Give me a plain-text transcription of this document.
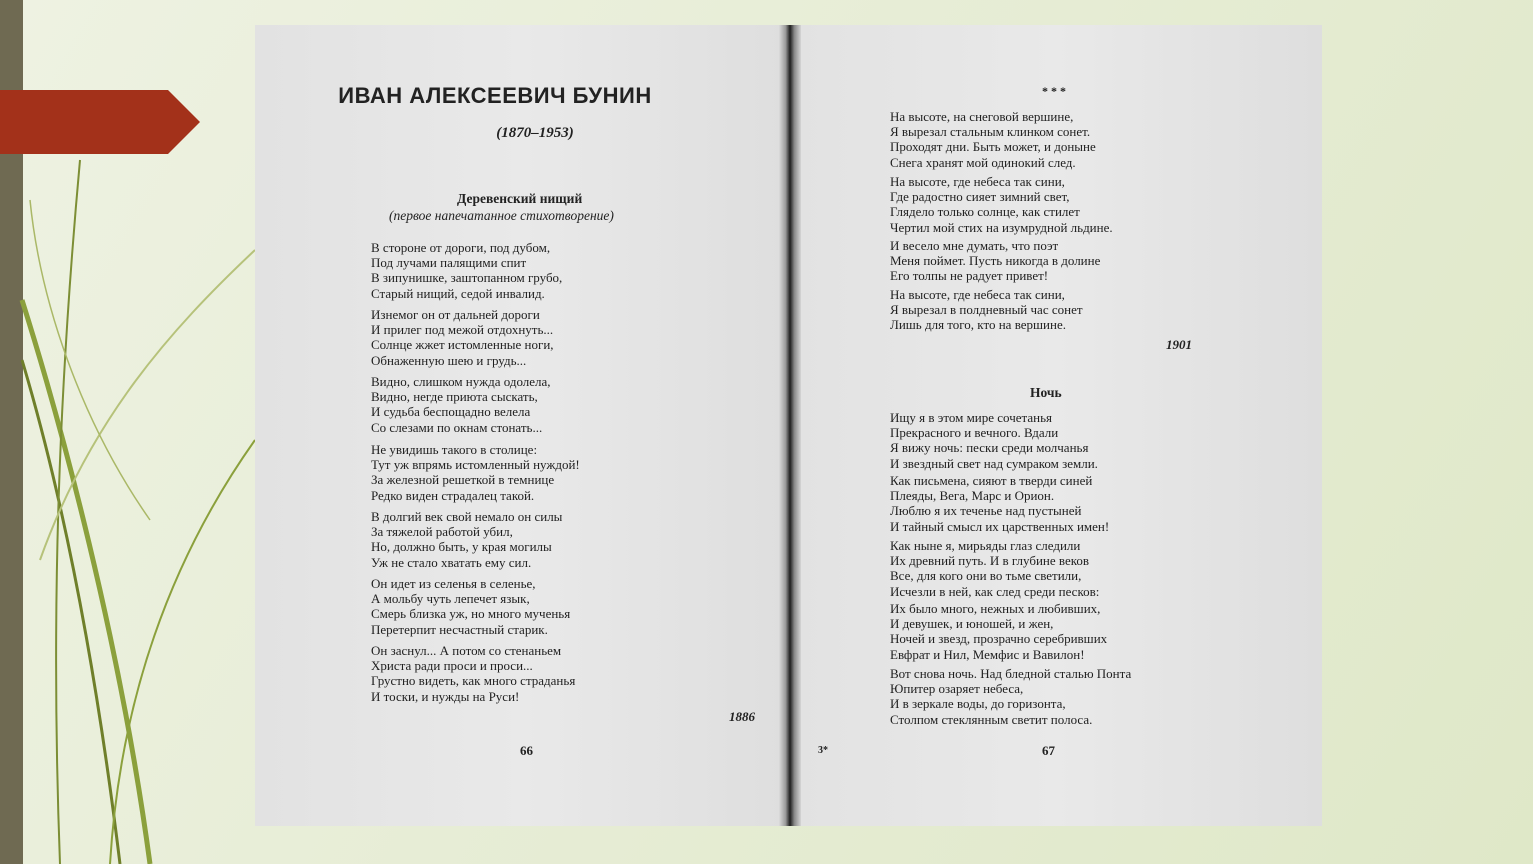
ИВАН АЛЕКСЕЕВИЧ БУНИН
(1870–1953)
Деревенский нищий
(первое напечатанное стихотворение)
В стороне от дороги, под дубом,
Под лучами палящими спит
В зипунишке, заштопанном грубо,
Старый нищий, седой инвалид.
Изнемог он от дальней дороги
И прилег под межой отдохнуть...
Солнце жжет истомленные ноги,
Обнаженную шею и грудь...
Видно, слишком нужда одолела,
Видно, негде приюта сыскать,
И судьба беспощадно велела
Со слезами по окнам стонать...
Не увидишь такого в столице:
Тут уж впрямь истомленный нуждой!
За железной решеткой в темнице
Редко виден страдалец такой.
В долгий век свой немало он силы
За тяжелой работой убил,
Но, должно быть, у края могилы
Уж не стало хватать ему сил.
Он идет из селенья в селенье,
А мольбу чуть лепечет язык,
Смерь близка уж, но много мученья
Перетерпит несчастный старик.
Он заснул... А потом со стенаньем
Христа ради проси и проси...
Грустно видеть, как много страданья
И тоски, и нужды на Руси!
1886
66
***
На высоте, на снеговой вершине,
Я вырезал стальным клинком сонет.
Проходят дни. Быть может, и доныне
Снега хранят мой одинокий след.
На высоте, где небеса так сини,
Где радостно сияет зимний свет,
Глядело только солнце, как стилет
Чертил мой стих на изумрудной льдине.
И весело мне думать, что поэт
Меня поймет. Пусть никогда в долине
Его толпы не радует привет!
На высоте, где небеса так сини,
Я вырезал в полдневный час сонет
Лишь для того, кто на вершине.
1901
Ночь
Ищу я в этом мире сочетанья
Прекрасного и вечного. Вдали
Я вижу ночь: пески среди молчанья
И звездный свет над сумраком земли.
Как письмена, сияют в тверди синей
Плеяды, Вега, Марс и Орион.
Люблю я их теченье над пустыней
И тайный смысл их царственных имен!
Как ныне я, мирьяды глаз следили
Их древний путь. И в глубине веков
Все, для кого они во тьме светили,
Исчезли в ней, как след среди песков:
Их было много, нежных и любивших,
И девушек, и юношей, и жен,
Ночей и звезд, прозрачно серебривших
Евфрат и Нил, Мемфис и Вавилон!
Вот снова ночь. Над бледной сталью Понта
Юпитер озаряет небеса,
И в зеркале воды, до горизонта,
Столпом стеклянным светит полоса.
3*	67
